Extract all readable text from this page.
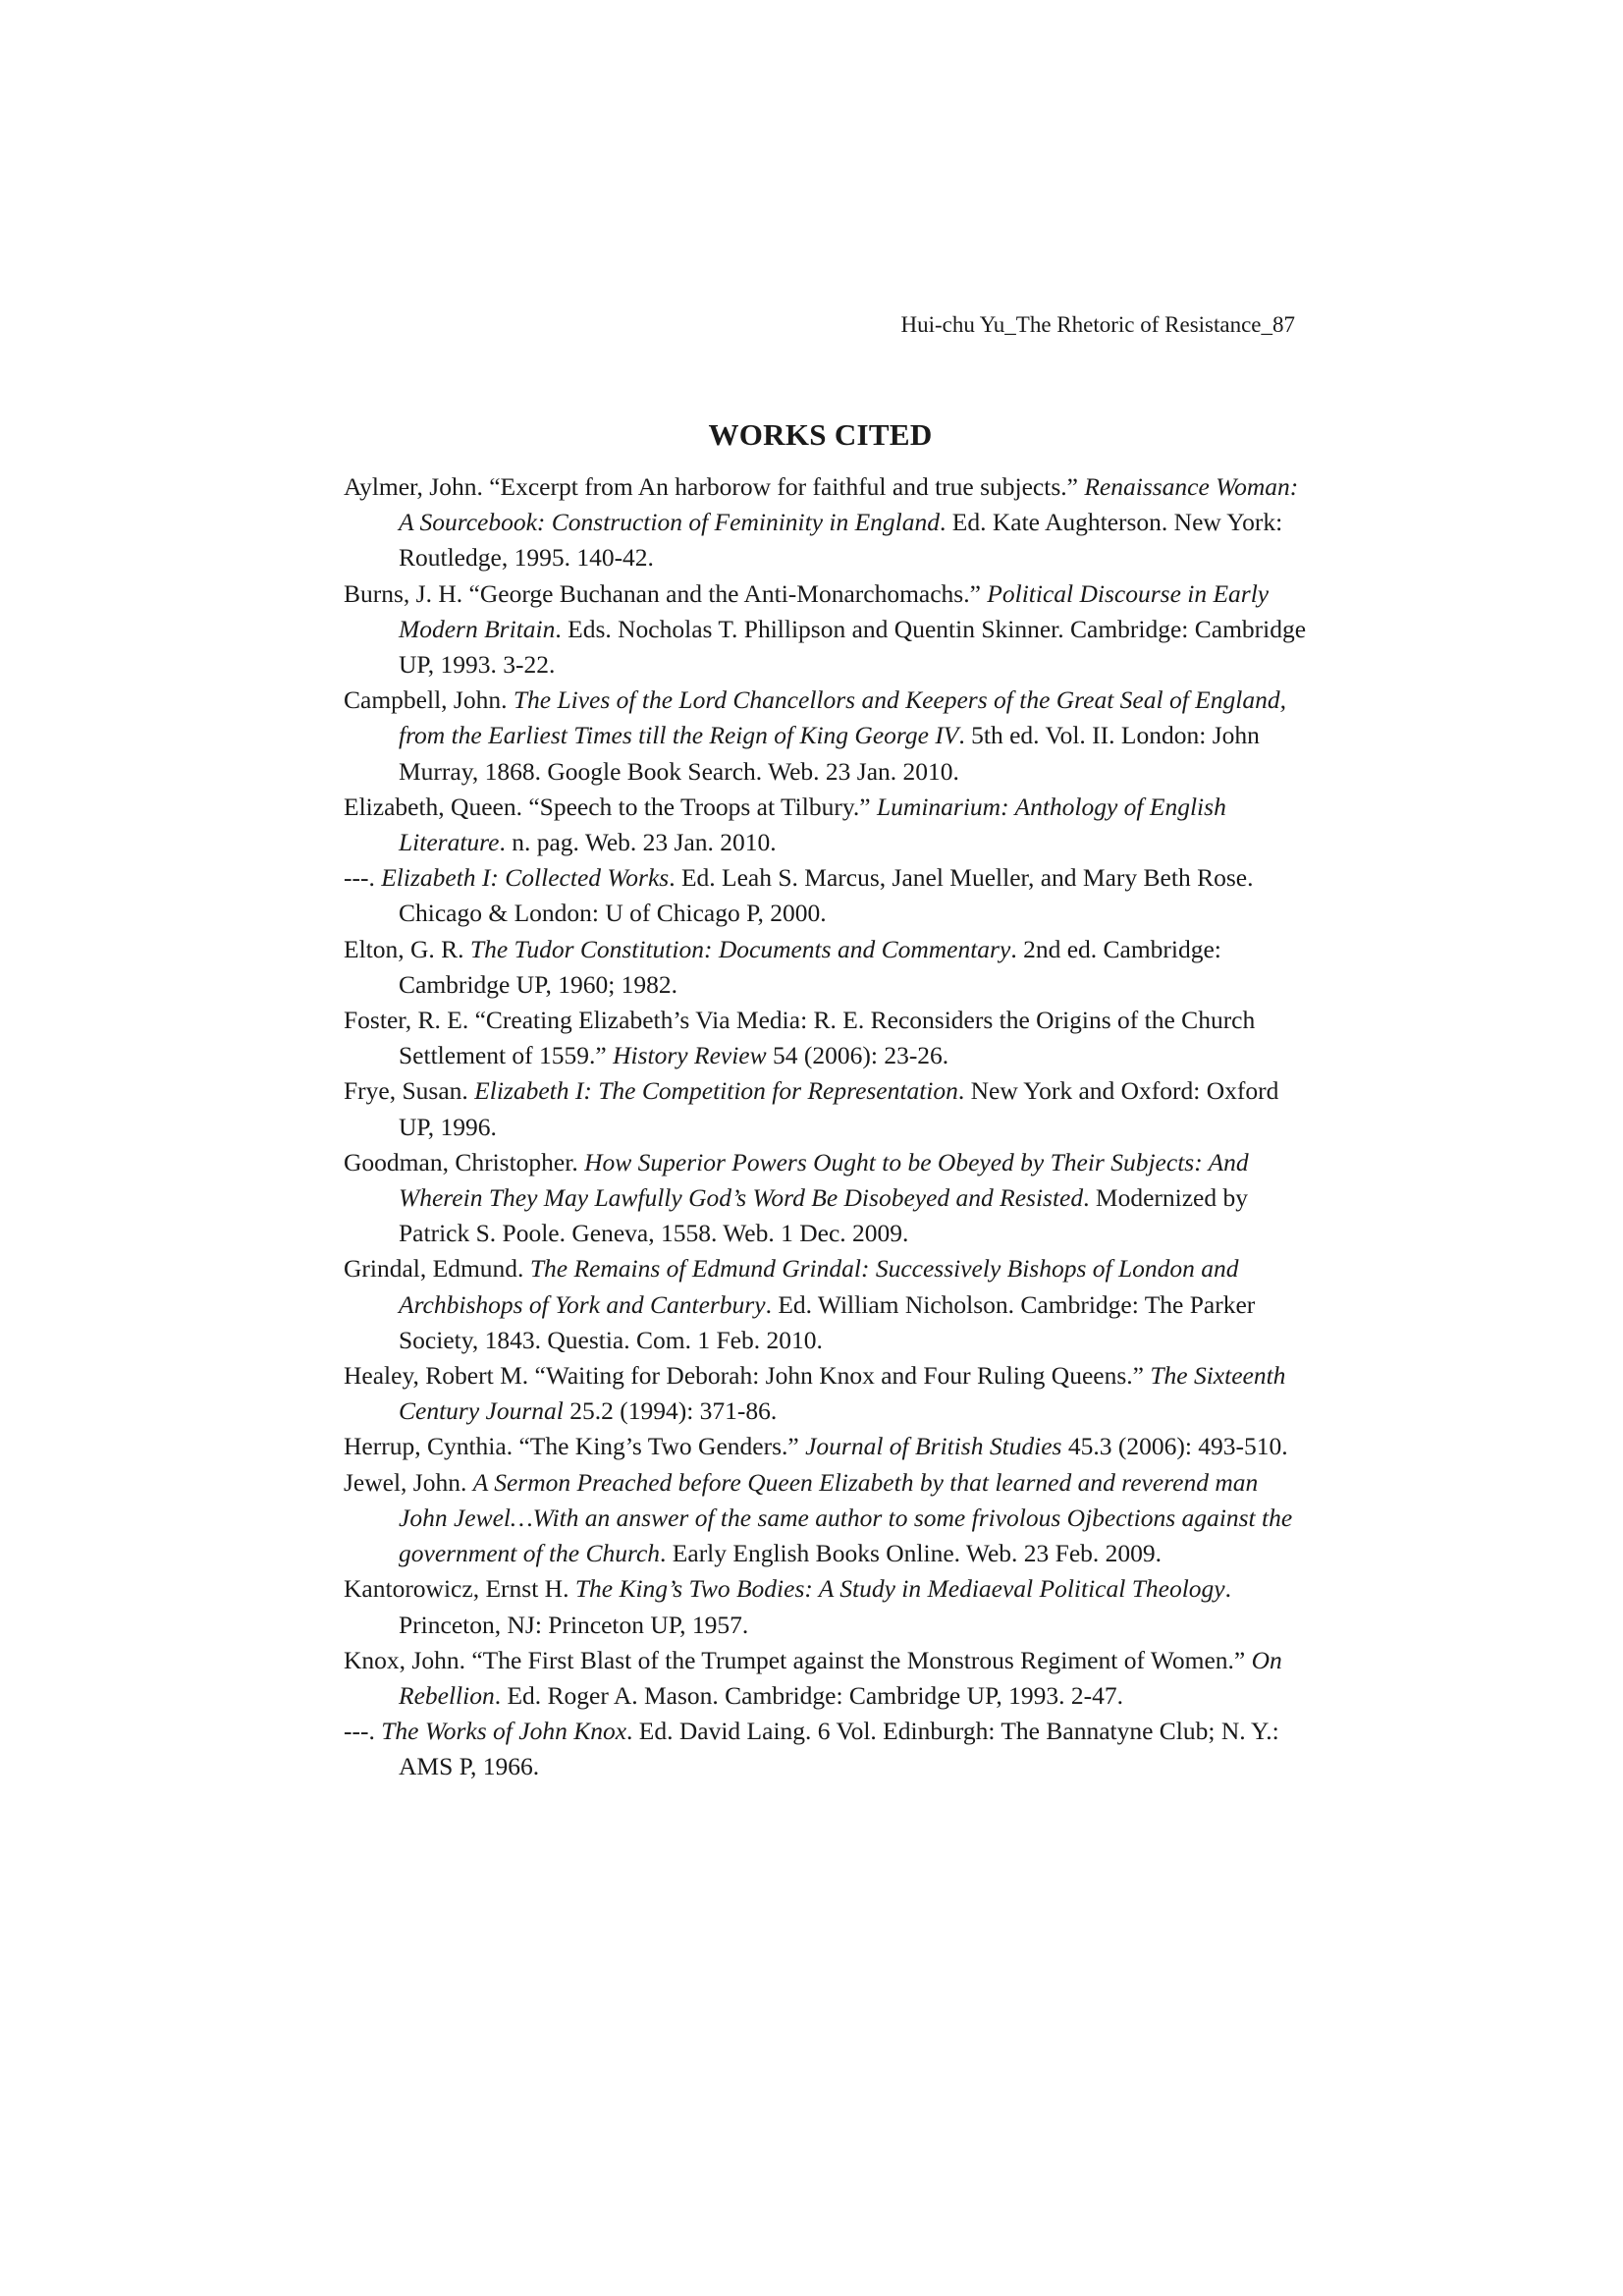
Hui-chu Yu_The Rhetoric of Resistance_87
WORKS CITED
Aylmer, John. “Excerpt from An harborow for faithful and true subjects.” Renaissance Woman: A Sourcebook: Construction of Femininity in England. Ed. Kate Aughterson. New York: Routledge, 1995. 140-42.
Burns, J. H. “George Buchanan and the Anti-Monarchomachs.” Political Discourse in Early Modern Britain. Eds. Nocholas T. Phillipson and Quentin Skinner. Cambridge: Cambridge UP, 1993. 3-22.
Campbell, John. The Lives of the Lord Chancellors and Keepers of the Great Seal of England, from the Earliest Times till the Reign of King George IV. 5th ed. Vol. II. London: John Murray, 1868. Google Book Search. Web. 23 Jan. 2010.
Elizabeth, Queen. “Speech to the Troops at Tilbury.” Luminarium: Anthology of English Literature. n. pag. Web. 23 Jan. 2010.
---. Elizabeth I: Collected Works. Ed. Leah S. Marcus, Janel Mueller, and Mary Beth Rose. Chicago & London: U of Chicago P, 2000.
Elton, G. R. The Tudor Constitution: Documents and Commentary. 2nd ed. Cambridge: Cambridge UP, 1960; 1982.
Foster, R. E. “Creating Elizabeth’s Via Media: R. E. Reconsiders the Origins of the Church Settlement of 1559.” History Review 54 (2006): 23-26.
Frye, Susan. Elizabeth I: The Competition for Representation. New York and Oxford: Oxford UP, 1996.
Goodman, Christopher. How Superior Powers Ought to be Obeyed by Their Subjects: And Wherein They May Lawfully God’s Word Be Disobeyed and Resisted. Modernized by Patrick S. Poole. Geneva, 1558. Web. 1 Dec. 2009.
Grindal, Edmund. The Remains of Edmund Grindal: Successively Bishops of London and Archbishops of York and Canterbury. Ed. William Nicholson. Cambridge: The Parker Society, 1843. Questia. Com. 1 Feb. 2010.
Healey, Robert M. “Waiting for Deborah: John Knox and Four Ruling Queens.” The Sixteenth Century Journal 25.2 (1994): 371-86.
Herrup, Cynthia. “The King’s Two Genders.” Journal of British Studies 45.3 (2006): 493-510.
Jewel, John. A Sermon Preached before Queen Elizabeth by that learned and reverend man John Jewel…With an answer of the same author to some frivolous Ojbections against the government of the Church. Early English Books Online. Web. 23 Feb. 2009.
Kantorowicz, Ernst H. The King’s Two Bodies: A Study in Mediaeval Political Theology. Princeton, NJ: Princeton UP, 1957.
Knox, John. “The First Blast of the Trumpet against the Monstrous Regiment of Women.” On Rebellion. Ed. Roger A. Mason. Cambridge: Cambridge UP, 1993. 2-47.
---. The Works of John Knox. Ed. David Laing. 6 Vol. Edinburgh: The Bannatyne Club; N. Y.: AMS P, 1966.
